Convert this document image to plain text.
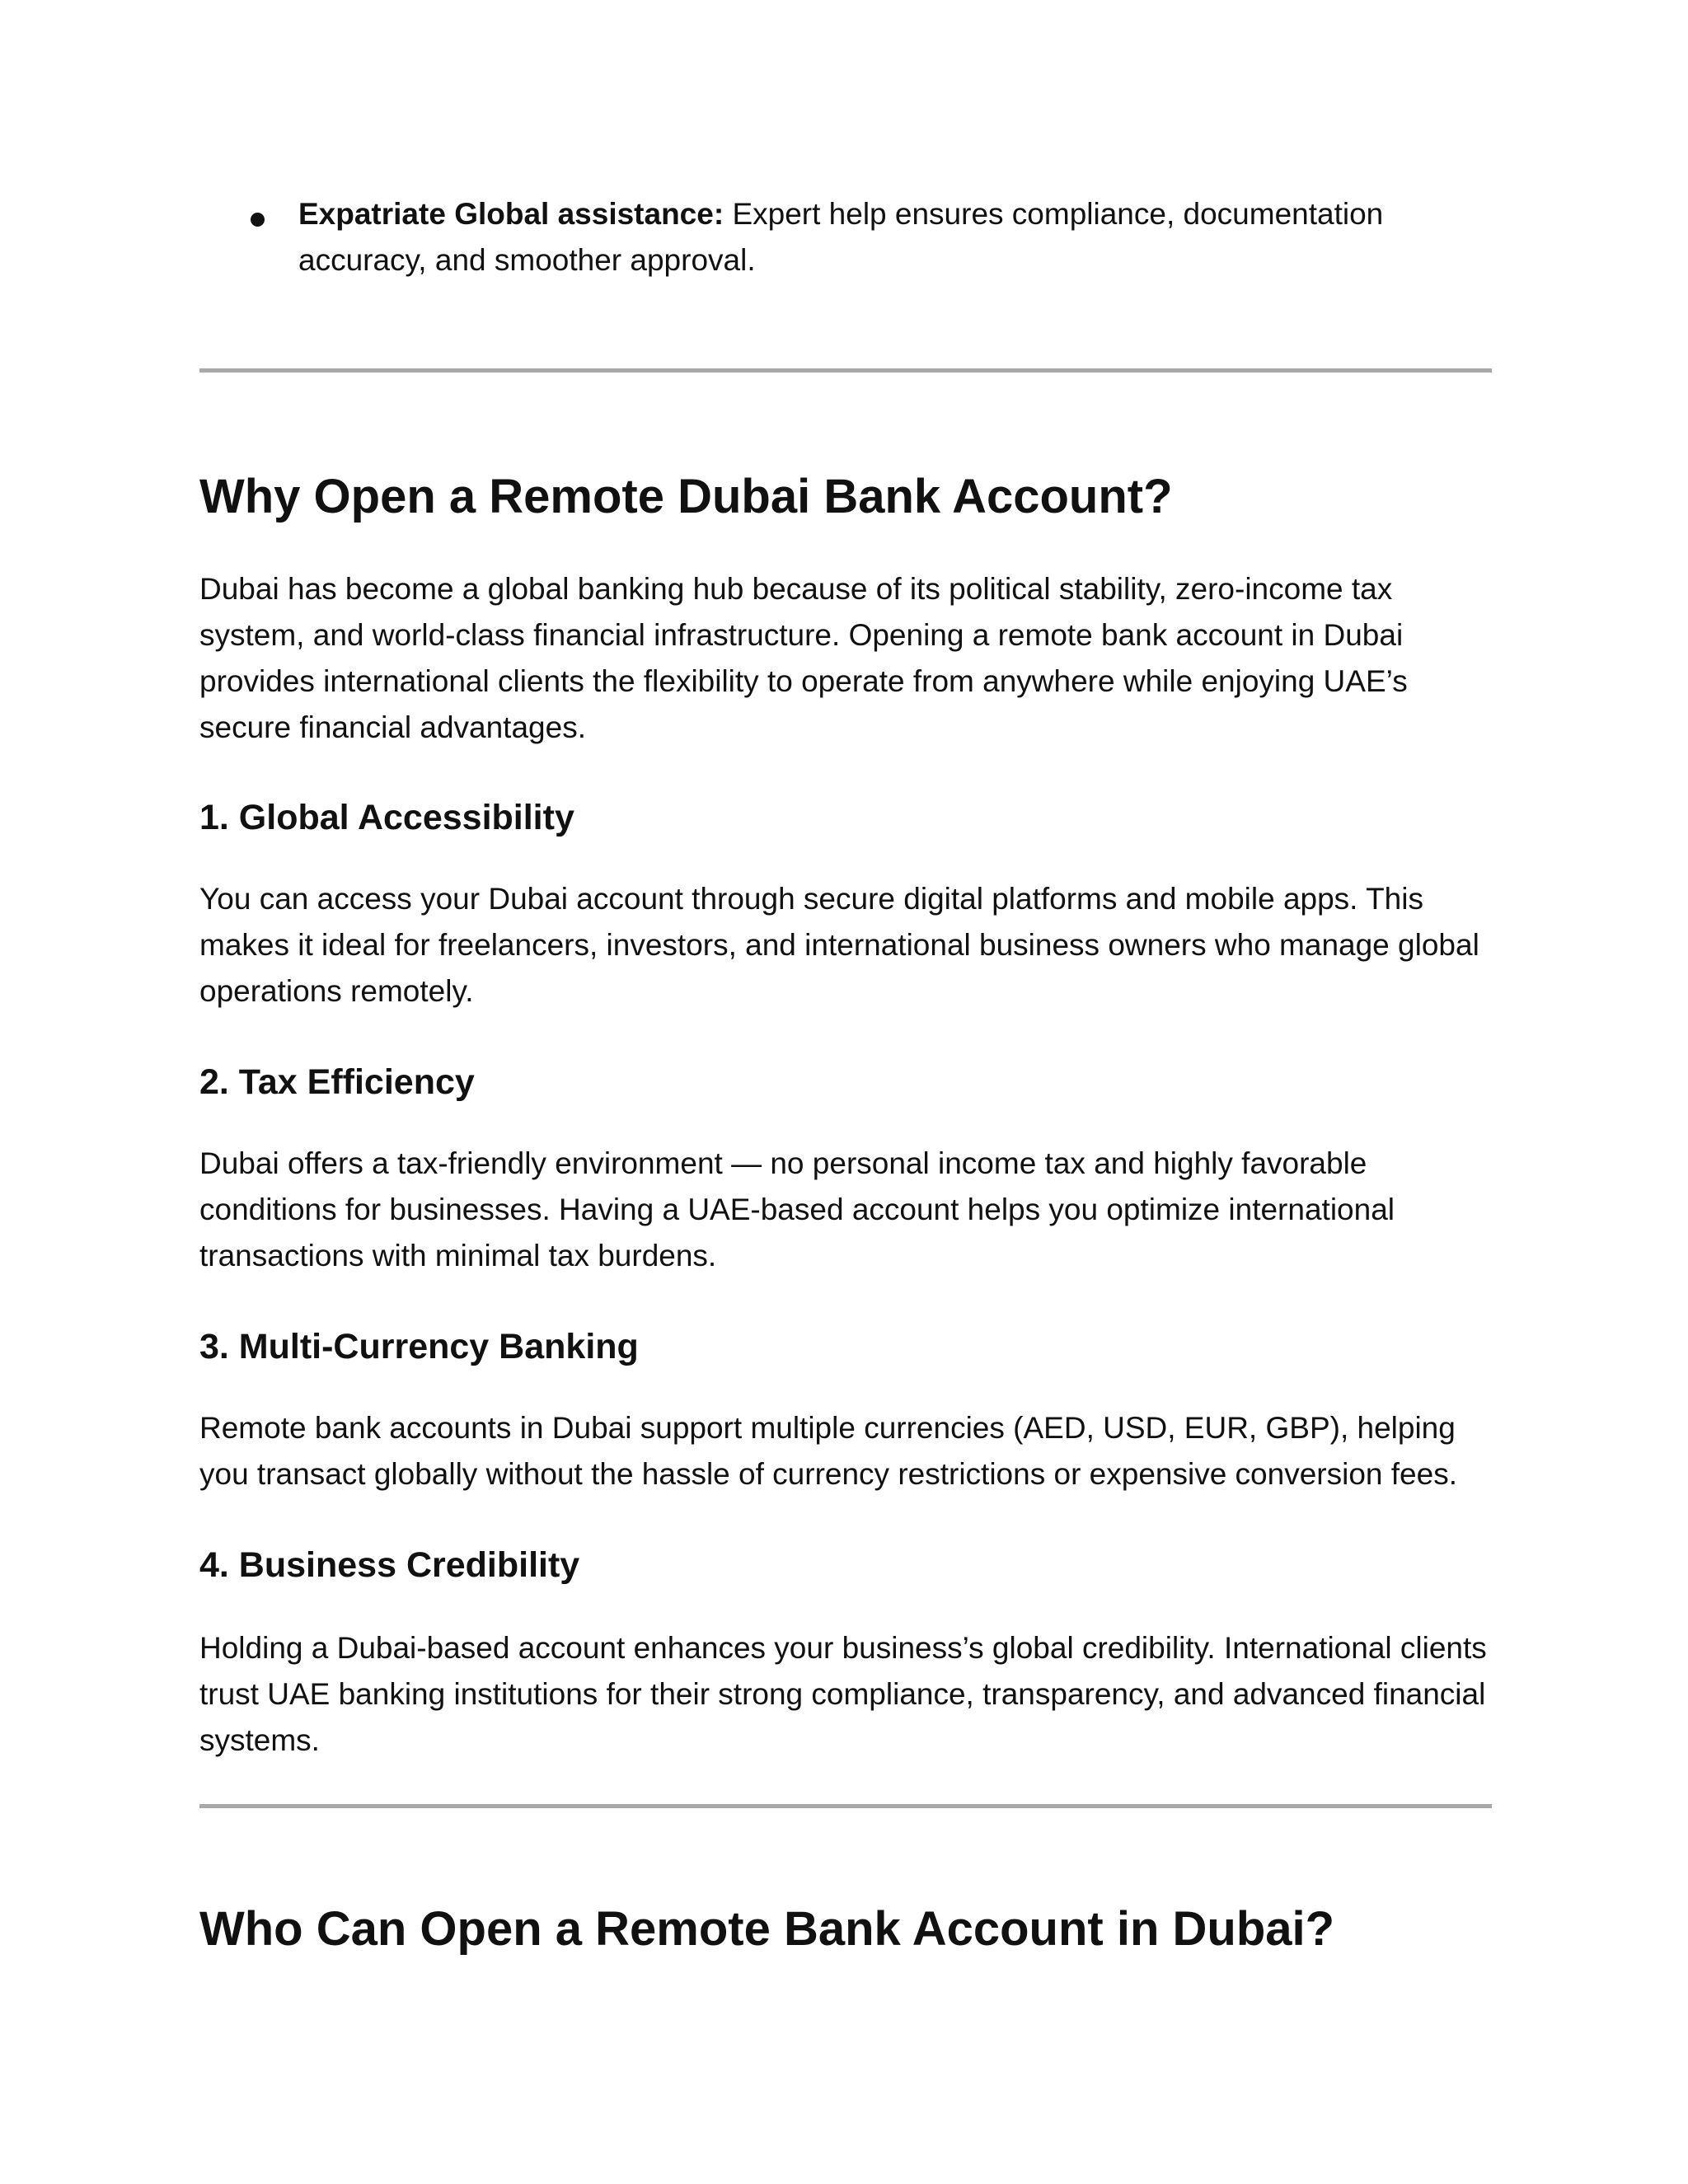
Expatriate Global assistance: Expert help ensures compliance, documentation accuracy, and smoother approval.

Why Open a Remote Dubai Bank Account?

Dubai has become a global banking hub because of its political stability, zero-income tax system, and world-class financial infrastructure. Opening a remote bank account in Dubai provides international clients the flexibility to operate from anywhere while enjoying UAE’s secure financial advantages.

1. Global Accessibility

You can access your Dubai account through secure digital platforms and mobile apps. This makes it ideal for freelancers, investors, and international business owners who manage global operations remotely.

2. Tax Efficiency

Dubai offers a tax-friendly environment — no personal income tax and highly favorable conditions for businesses. Having a UAE-based account helps you optimize international transactions with minimal tax burdens.

3. Multi-Currency Banking

Remote bank accounts in Dubai support multiple currencies (AED, USD, EUR, GBP), helping you transact globally without the hassle of currency restrictions or expensive conversion fees.

4. Business Credibility

Holding a Dubai-based account enhances your business’s global credibility. International clients trust UAE banking institutions for their strong compliance, transparency, and advanced financial systems.

Who Can Open a Remote Bank Account in Dubai?
